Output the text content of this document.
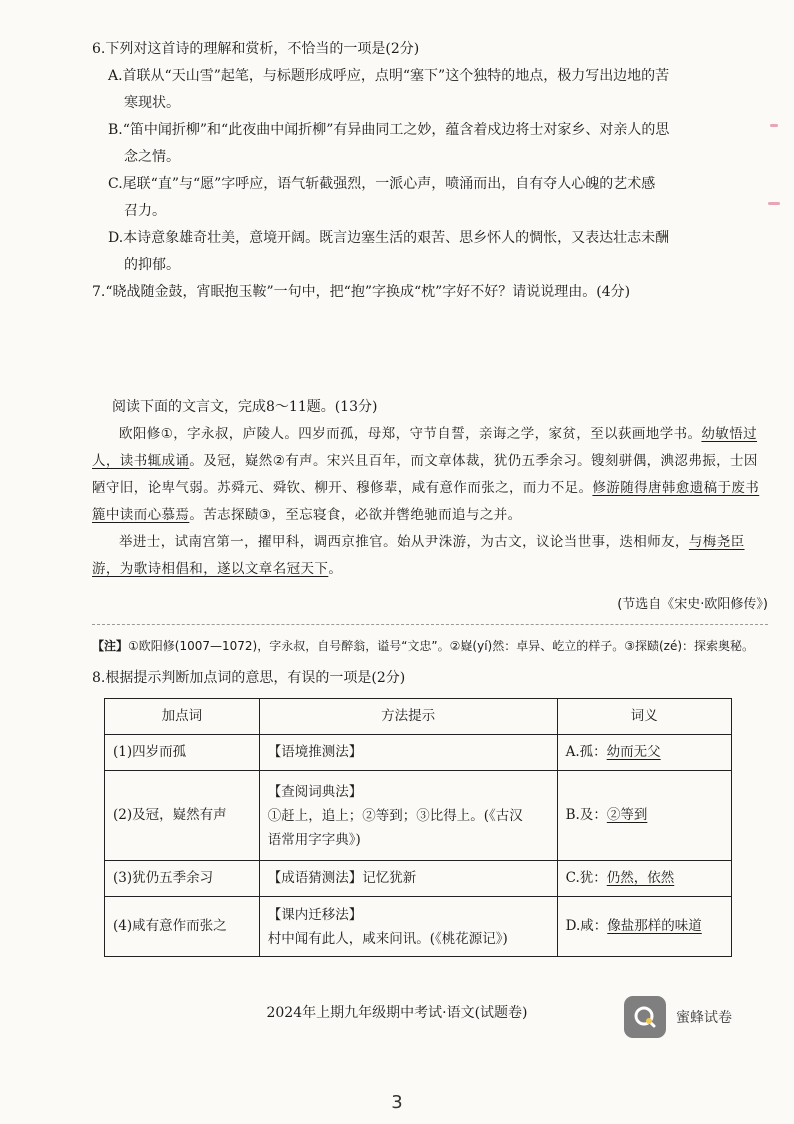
6.下列对这首诗的理解和赏析，不恰当的一项是(2分)

A.首联从“天山雪”起笔，与标题形成呼应，点明“塞下”这个独特的地点，极力写出边地的苦
寒现状。
B.“笛中闻折柳”和“此夜曲中闻折柳”有异曲同工之妙，蕴含着戍边将士对家乡、对亲人的思
念之情。
C.尾联“直”与“愿”字呼应，语气斩截强烈，一派心声，喷涌而出，自有夺人心魄的艺术感
召力。
D.本诗意象雄奇壮美，意境开阔。既言边塞生活的艰苦、思乡怀人的惆怅，又表达壮志未酬
的抑郁。

7.“晓战随金鼓，宵眠抱玉鞍”一句中，把“抱”字换成“枕”字好不好？请说说理由。(4分)

阅读下面的文言文，完成8～11题。(13分)

欧阳修①，字永叔，庐陵人。四岁而孤，母郑，守节自誓，亲诲之学，家贫，至以荻画地学书。幼敏悟过人，读书辄成诵。及冠，嶷然②有声。宋兴且百年，而文章体裁，犹仍五季余习。锼刻骈偶，淟涊弗振，士因陋守旧，论卑气弱。苏舜元、舜钦、柳开、穆修辈，咸有意作而张之，而力不足。修游随得唐韩愈遗稿于废书簏中读而心慕焉。苦志探赜③，至忘寝食，必欲并辔绝驰而追与之并。

举进士，试南宫第一，擢甲科，调西京推官。始从尹洙游，为古文，议论当世事，迭相师友，与梅尧臣游，为歌诗相倡和，遂以文章名冠天下。

(节选自《宋史·欧阳修传》)
【注】①欧阳修(1007—1072)，字永叔，自号醉翁，谥号“文忠”。②嶷(yí)然：卓异、屹立的样子。③探赜(zé)：探索奥秘。

8.根据提示判断加点词的意思，有误的一项是(2分)

加点词	方法提示	词义
(1)四岁而孤	【语境推测法】	A.孤：幼而无父
(2)及冠，嶷然有声	【查阅词典法】
①赶上，追上；②等到；③比得上。(《古汉
语常用字字典》)	B.及：②等到
(3)犹仍五季余习	【成语猜测法】记忆犹新	C.犹：仍然，依然
(4)咸有意作而张之	【课内迁移法】
村中闻有此人，咸来问讯。(《桃花源记》)	D.咸：像盐那样的味道
2024年上期九年级期中考试·语文(试题卷)	蜜蜂试卷
3
